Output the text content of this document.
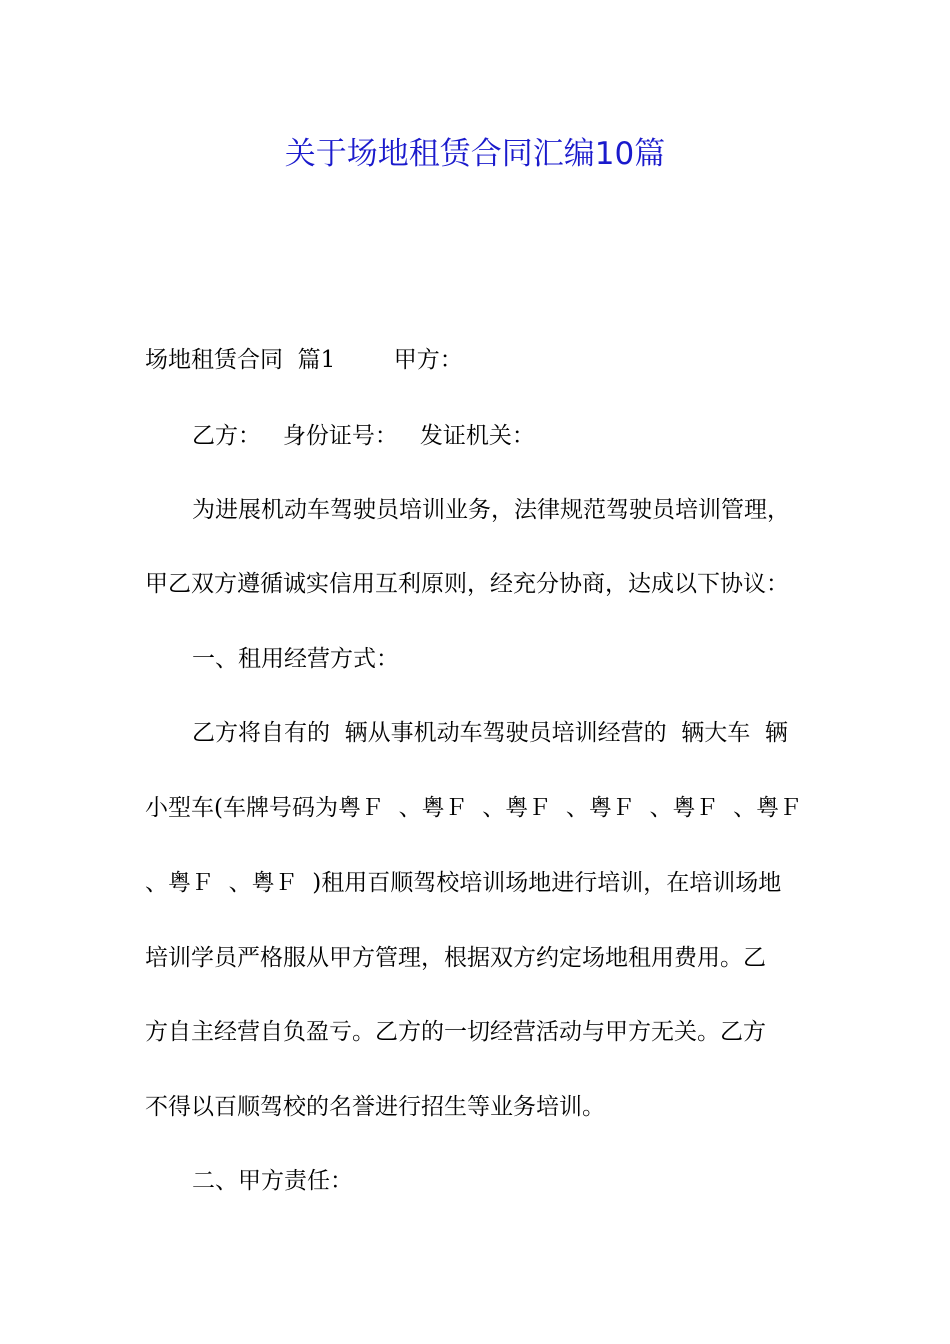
关于场地租赁合同汇编10篇
场地租赁合同  篇1        甲方：
乙方：   身份证号：   发证机关：
为进展机动车驾驶员培训业务，法律规范驾驶员培训管理，
甲乙双方遵循诚实信用互利原则，经充分协商，达成以下协议：
一、租用经营方式：
乙方将自有的  辆从事机动车驾驶员培训经营的  辆大车  辆
小型车(车牌号码为粤Ｆ  、粤Ｆ  、粤Ｆ  、粤Ｆ  、粤Ｆ  、粤Ｆ
、粤Ｆ  、粤Ｆ  )租用百顺驾校培训场地进行培训，在培训场地
培训学员严格服从甲方管理，根据双方约定场地租用费用。乙
方自主经营自负盈亏。乙方的一切经营活动与甲方无关。乙方
不得以百顺驾校的名誉进行招生等业务培训。
二、甲方责任：
